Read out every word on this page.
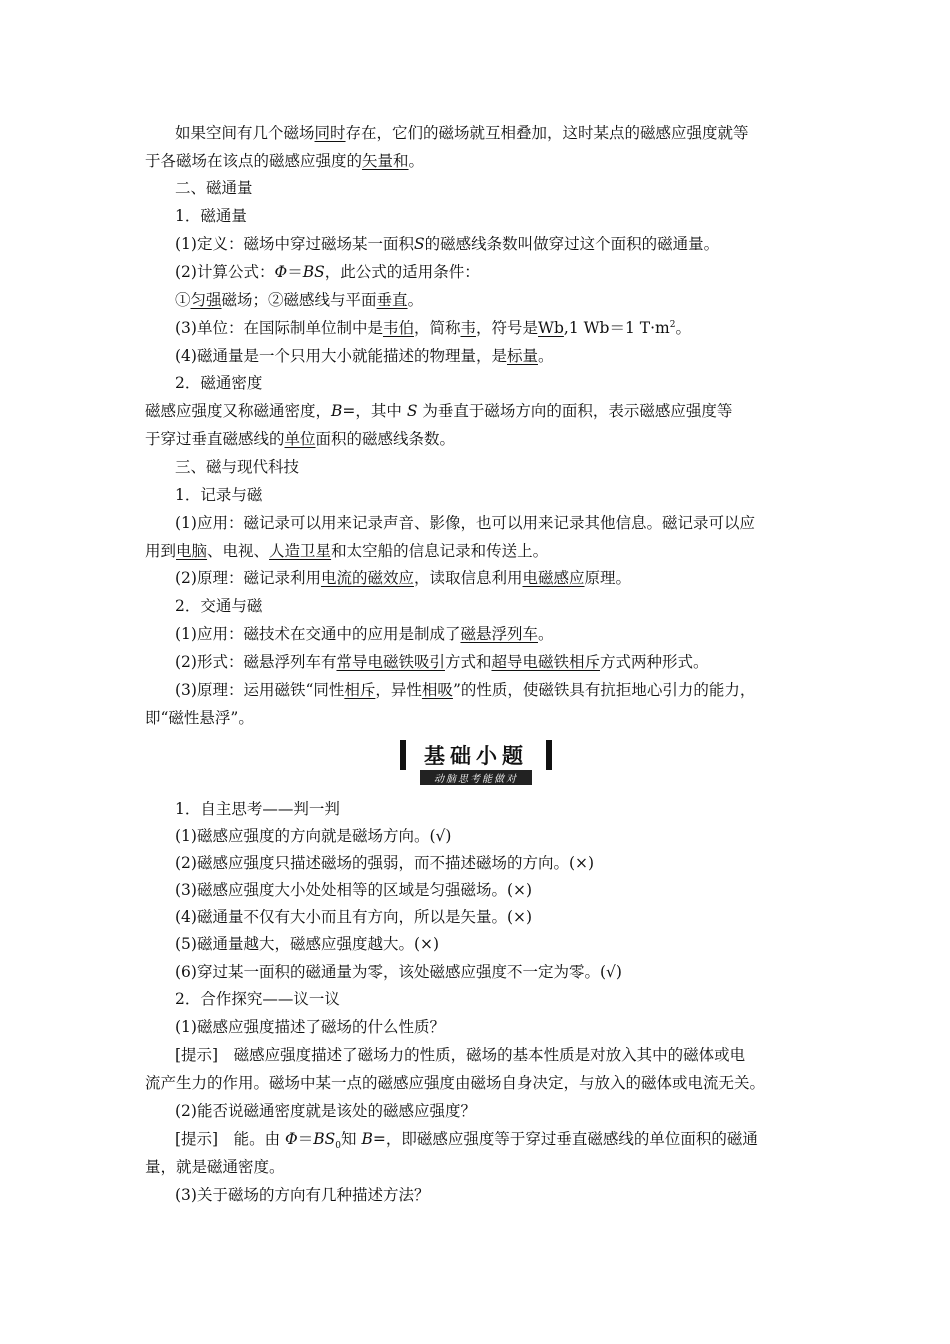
如果空间有几个磁场同时存在，它们的磁场就互相叠加，这时某点的磁感应强度就等
于各磁场在该点的磁感应强度的矢量和。
二、磁通量
1．磁通量
(1)定义：磁场中穿过磁场某一面积S的磁感线条数叫做穿过这个面积的磁通量。
(2)计算公式：Φ＝BS，此公式的适用条件：
①匀强磁场；②磁感线与平面垂直。
(3)单位：在国际制单位制中是韦伯，简称韦，符号是Wb,1 Wb＝1 $T\cdot m^2$。
(4)磁通量是一个只用大小就能描述的物理量，是标量。
2．磁通密度
磁感应强度又称磁通密度，B=，其中 S 为垂直于磁场方向的面积，表示磁感应强度等
于穿过垂直磁感线的单位面积的磁感线条数。
三、磁与现代科技
1．记录与磁
(1)应用：磁记录可以用来记录声音、影像，也可以用来记录其他信息。磁记录可以应
用到电脑、电视、人造卫星和太空船的信息记录和传送上。
(2)原理：磁记录利用电流的磁效应，读取信息利用电磁感应原理。
2．交通与磁
(1)应用：磁技术在交通中的应用是制成了磁悬浮列车。
(2)形式：磁悬浮列车有常导电磁铁吸引方式和超导电磁铁相斥方式两种形式。
(3)原理：运用磁铁“同性相斥，异性相吸”的性质，使磁铁具有抗拒地心引力的能力，
即“磁性悬浮”。
基础小题
动脑思考能做对
1．自主思考——判一判
(1)磁感应强度的方向就是磁场方向。(√)
(2)磁感应强度只描述磁场的强弱，而不描述磁场的方向。(×)
(3)磁感应强度大小处处相等的区域是匀强磁场。(×)
(4)磁通量不仅有大小而且有方向，所以是矢量。(×)
(5)磁通量越大，磁感应强度越大。(×)
(6)穿过某一面积的磁通量为零，该处磁感应强度不一定为零。(√)
2．合作探究——议一议
(1)磁感应强度描述了磁场的什么性质？
[提示]　磁感应强度描述了磁场力的性质，磁场的基本性质是对放入其中的磁体或电
流产生力的作用。磁场中某一点的磁感应强度由磁场自身决定，与放入的磁体或电流无关。
(2)能否说磁通密度就是该处的磁感应强度？
[提示]　能。由 $\Phi=BS_0$知 B=，即磁感应强度等于穿过垂直磁感线的单位面积的磁通
量，就是磁通密度。
(3)关于磁场的方向有几种描述方法？
